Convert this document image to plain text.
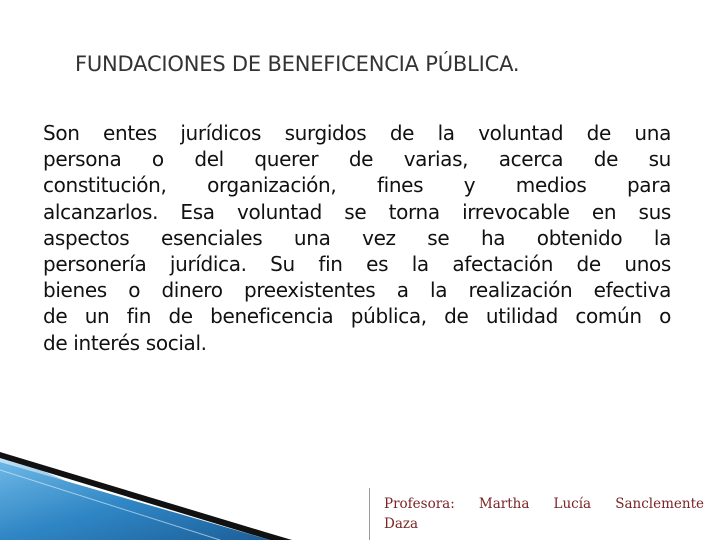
FUNDACIONES DE BENEFICENCIA PÚBLICA.
Son entes jurídicos surgidos de la voluntad de una
persona o del querer de varias, acerca de su
constitución, organización, fines y medios para
alcanzarlos. Esa voluntad se torna irrevocable en sus
aspectos esenciales una vez se ha obtenido la
personería jurídica. Su fin es la afectación de unos
bienes o dinero preexistentes a la realización efectiva
de un fin de beneficencia pública, de utilidad común o
de interés social.
Profesora: Martha Lucía Sanclemente
Daza
